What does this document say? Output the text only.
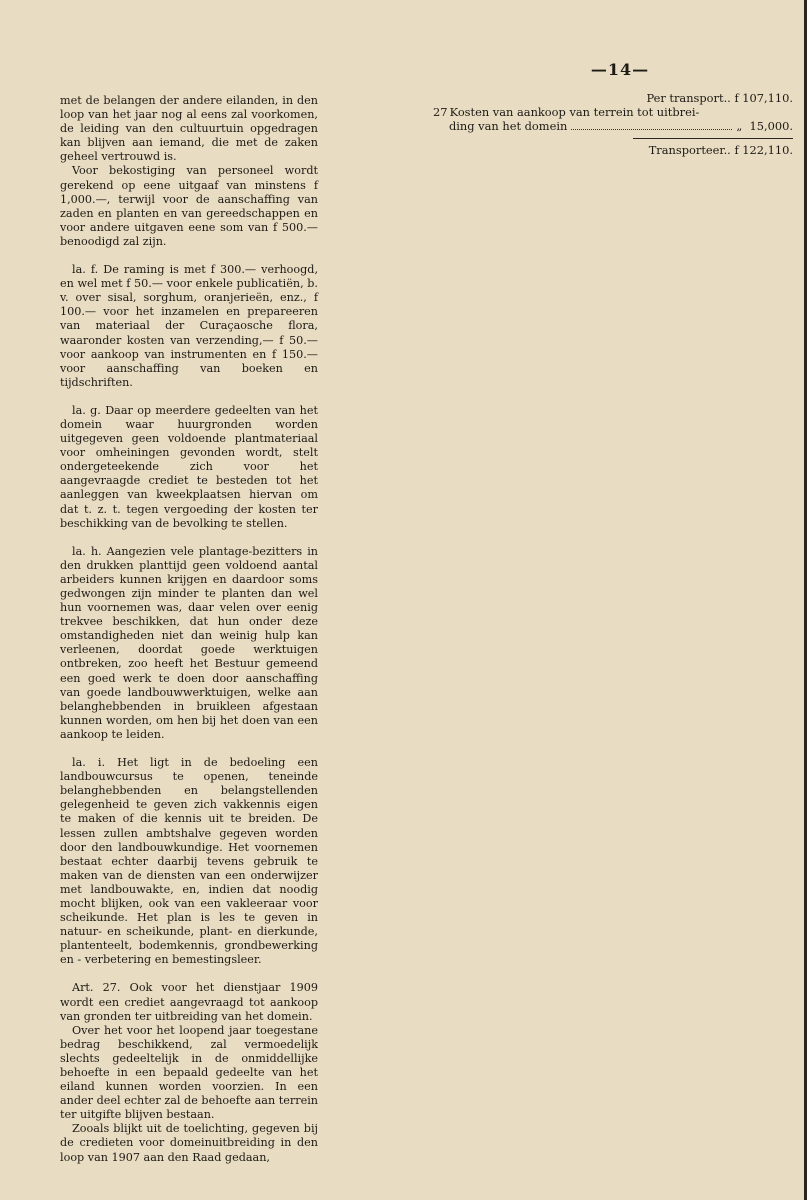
—14—

met de belangen der andere eilanden, in den loop van het jaar nog al eens zal voorkomen, de leiding van den cultuurtuin opgedragen kan blijven aan iemand, die met de zaken geheel vertrouwd is.

Voor bekostiging van personeel wordt gerekend op eene uitgaaf van minstens f 1,000.—, terwijl voor de aanschaffing van zaden en planten en van gereedschappen en voor andere uitgaven eene som van f 500.— benoodigd zal zijn.

la. f. De raming is met f 300.— verhoogd, en wel met f 50.— voor enkele publicatiën, b. v. over sisal, sorghum, oranjerieën, enz., f 100.— voor het inzamelen en prepareeren van materiaal der Curaçaosche flora, waaronder kosten van verzending,— f 50.— voor aankoop van instrumenten en f 150.— voor aanschaffing van boeken en tijdschriften.

la. g. Daar op meerdere gedeelten van het domein waar huurgronden worden uitgegeven geen voldoende plantmateriaal voor omheiningen gevonden wordt, stelt ondergeteekende zich voor het aangevraagde crediet te besteden tot het aanleggen van kweekplaatsen hiervan om dat t. z. t. tegen vergoeding der kosten ter beschikking van de bevolking te stellen.

la. h. Aangezien vele plantage-bezitters in den drukken planttijd geen voldoend aantal arbeiders kunnen krijgen en daardoor soms gedwongen zijn minder te planten dan wel hun voornemen was, daar velen over eenig trekvee beschikken, dat hun onder deze omstandigheden niet dan weinig hulp kan verleenen, doordat goede werktuigen ontbreken, zoo heeft het Bestuur gemeend een goed werk te doen door aanschaffing van goede landbouwwerktuigen, welke aan belanghebbenden in bruikleen afgestaan kunnen worden, om hen bij het doen van een aankoop te leiden.

la. i. Het ligt in de bedoeling een landbouwcursus te openen, teneinde belanghebbenden en belangstellenden gelegenheid te geven zich vakkennis eigen te maken of die kennis uit te breiden. De lessen zullen ambtshalve gegeven worden door den landbouwkundige. Het voornemen bestaat echter daarbij tevens gebruik te maken van de diensten van een onderwijzer met landbouwakte, en, indien dat noodig mocht blijken, ook van een vakleeraar voor scheikunde. Het plan is les te geven in natuur- en scheikunde, plant- en dierkunde, plantenteelt, bodemkennis, grondbewerking en - verbetering en bemestingsleer.

Art. 27. Ook voor het dienstjaar 1909 wordt een crediet aangevraagd tot aankoop van gronden ter uitbreiding van het domein.

Over het voor het loopend jaar toegestane bedrag beschikkend, zal vermoedelijk slechts gedeeltelijk in de onmiddellijke behoefte in een bepaald gedeelte van het eiland kunnen worden voorzien. In een ander deel echter zal de behoefte aan terrein ter uitgifte blijven bestaan.

Zooals blijkt uit de toelichting, gegeven bij de credieten voor domeinuitbreiding in den loop van 1907 aan den Raad gedaan,

Per transport.. f 107,110.
27 Kosten van aankoop van terrein tot uitbrei-
ding van het domein	„
15,000.
Transporteer.. f 122,110.
